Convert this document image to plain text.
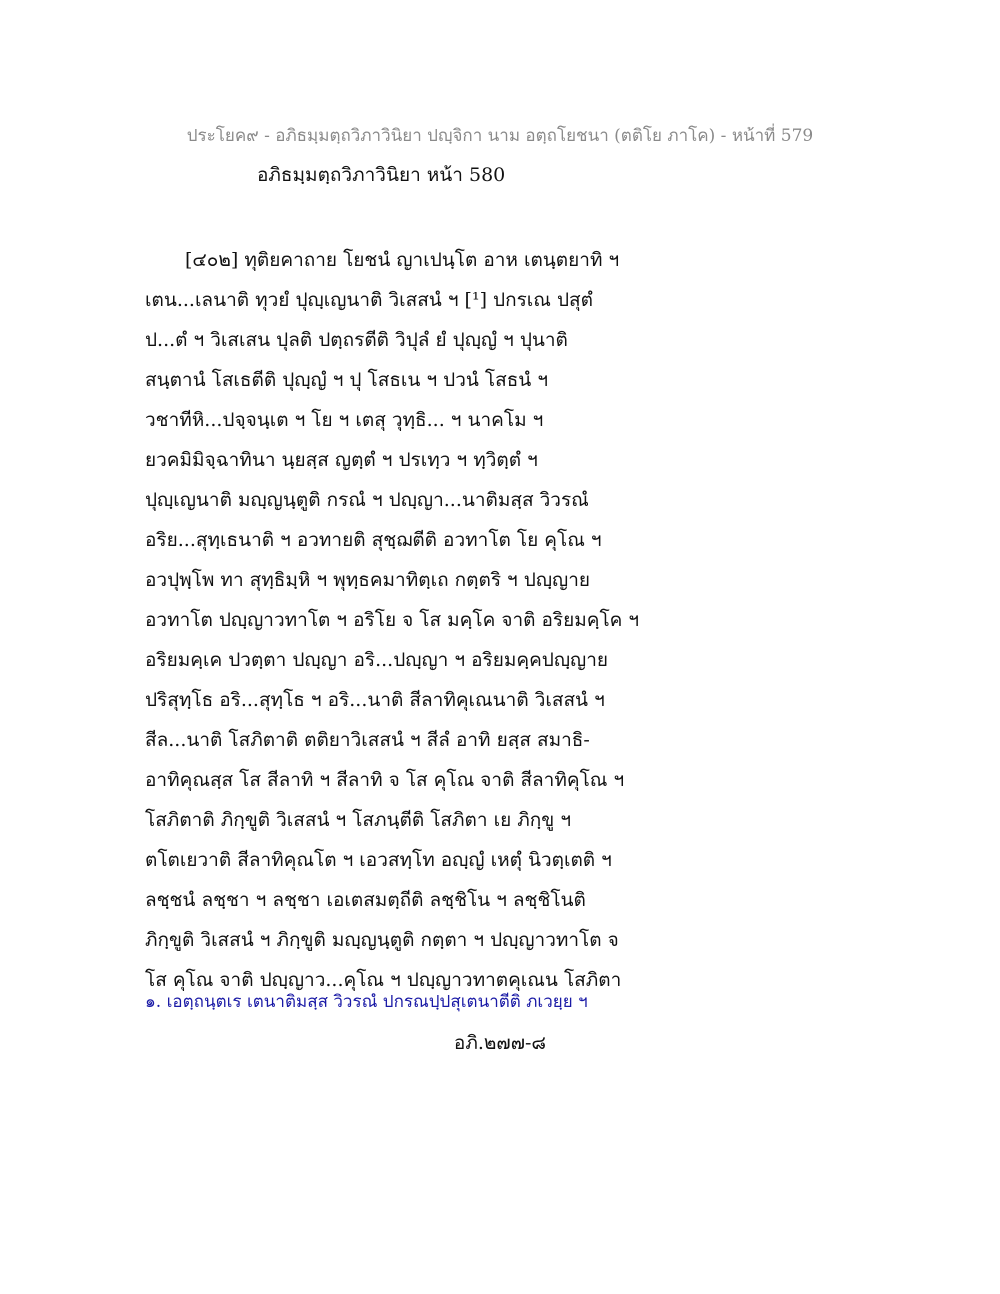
ประโยค๙ - อภิธมฺมตฺถวิภาวินิยา ปญฺจิกา นาม อตฺถโยชนา (ตติโย ภาโค) - หน้าที่ 579
อภิธมฺมตฺถวิภาวินิยา หน้า 580
[๔๐๒] ทุติยคาถาย โยชนํ ญาเปนฺโต อาห เตนฺตยาทิ ฯ
เตน...เลนาติ ทุวยํ ปุญฺเญนาติ วิเสสนํ ฯ [¹] ปกรเณ ปสุตํ
ป...ตํ ฯ วิเสเสน ปุลติ ปตฺถรตีติ วิปุลํ ยํ ปุญฺญํ ฯ ปุนาติ
สนฺตานํ โสเธตีติ ปุญฺญํ ฯ ปุ โสธเน ฯ ปวนํ โสธนํ ฯ
วชาทีหิ...ปจฺจนฺเต ฯ โย ฯ เตสุ วุทฺธิ... ฯ นาคโม ฯ
ยวคมิมิจฺฉาทินา นฺยสฺส ญตฺตํ ฯ ปรเทฺว ฯ ทฺวิตฺตํ ฯ
ปุญฺเญนาติ มญฺญนฺตูติ กรณํ ฯ ปญฺญา...นาติมสฺส วิวรณํ
อริย...สุทฺเธนาติ ฯ อวทายติ สุชฺฌตีติ อวทาโต โย คุโณ ฯ
อวปุพฺโพ ทา สุทฺธิมฺหิ ฯ พุทฺธคมาทิตฺเถ กตฺตริ ฯ ปญฺญาย
อวทาโต ปญฺญาวทาโต ฯ อริโย จ โส มคฺโค จาติ อริยมคฺโค ฯ
อริยมคฺเค ปวตฺตา ปญฺญา อริ...ปญฺญา ฯ อริยมคฺคปญฺญาย
ปริสุทฺโธ อริ...สุทฺโธ ฯ อริ...นาติ สีลาทิคุเณนาติ วิเสสนํ ฯ
สีล...นาติ โสภิตาติ ตติยาวิเสสนํ ฯ สีลํ อาทิ ยสฺส สมาธิ-
อาทิคุณสฺส โส สีลาทิ ฯ สีลาทิ จ โส คุโณ จาติ สีลาทิคุโณ ฯ
โสภิตาติ ภิกฺขูติ วิเสสนํ ฯ โสภนฺตีติ โสภิตา เย ภิกฺขู ฯ
ตโตเยวาติ สีลาทิคุณโต ฯ เอวสทฺโท อญฺญํ เหตุํ นิวตฺเตติ ฯ
ลชฺชนํ ลชฺชา ฯ ลชฺชา เอเตสมตฺถีติ ลชฺชิโน ฯ ลชฺชิโนติ
ภิกฺขูติ วิเสสนํ ฯ ภิกฺขูติ มญฺญนฺตูติ กตฺตา ฯ ปญฺญาวทาโต จ
โส คุโณ จาติ ปญฺญาว...คุโณ ฯ ปญฺญาวทาตคุเณน โสภิตา
๑. เอตฺถนฺตเร เตนาติมสฺส วิวรณํ ปกรณปฺปสุเตนาตีติ ภเวยฺย ฯ
อภิ.๒๗๗-๘
